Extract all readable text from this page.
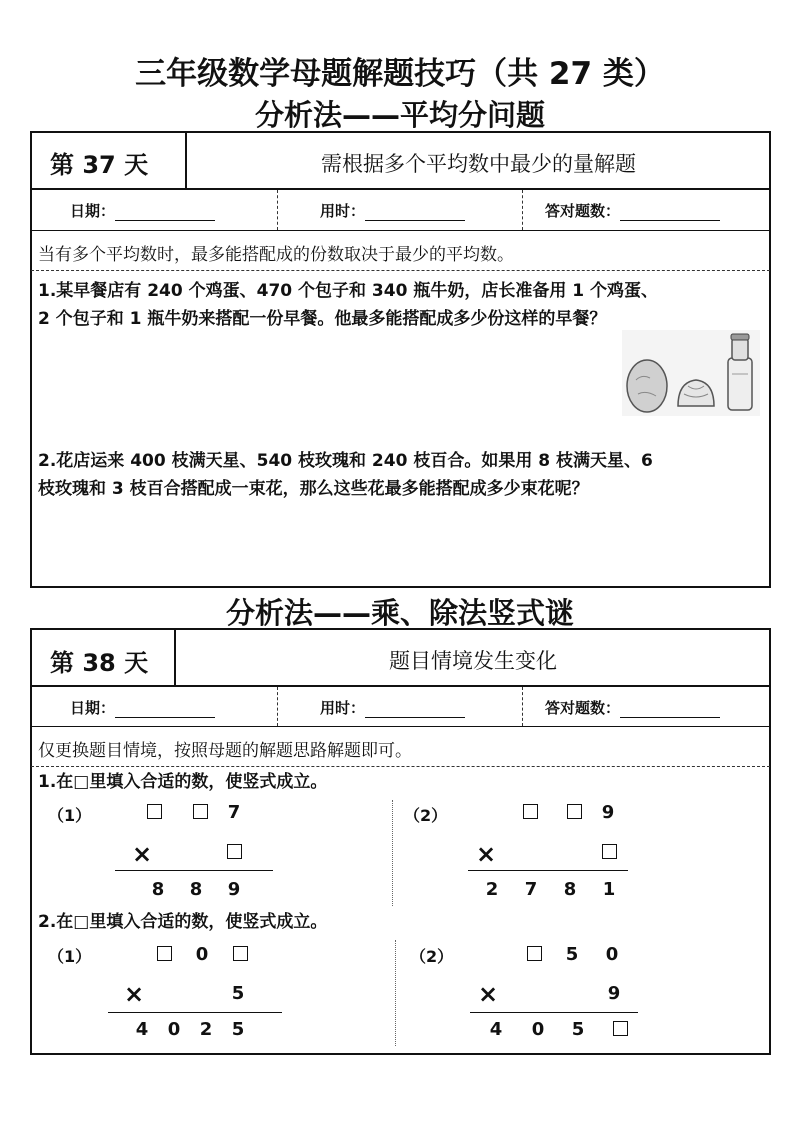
三年级数学母题解题技巧（共 27 类）
分析法——平均分问题
第 37 天	需根据多个平均数中最少的量解题
日期：	用时：	答对题数：
当有多个平均数时，最多能搭配成的份数取决于最少的平均数。
1.某早餐店有 240 个鸡蛋、470 个包子和 340 瓶牛奶，店长准备用 1 个鸡蛋、
2 个包子和 1 瓶牛奶来搭配一份早餐。他最多能搭配成多少份这样的早餐？
2.花店运来 400 枝满天星、540 枝玫瑰和 240 枝百合。如果用 8 枝满天星、6
枝玫瑰和 3 枝百合搭配成一束花，那么这些花最多能搭配成多少束花呢？
分析法——乘、除法竖式谜
第 38 天	题目情境发生变化
日期：	用时：	答对题数：
仅更换题目情境，按照母题的解题思路解题即可。
1.在□里填入合适的数，使竖式成立。
（1）	7
×
8	8	9
（2）	9
×
2	7	8	1
2.在□里填入合适的数，使竖式成立。
（1）	0
×	5
4	0	2	5
（2）	5	0
×	9
4	0	5
